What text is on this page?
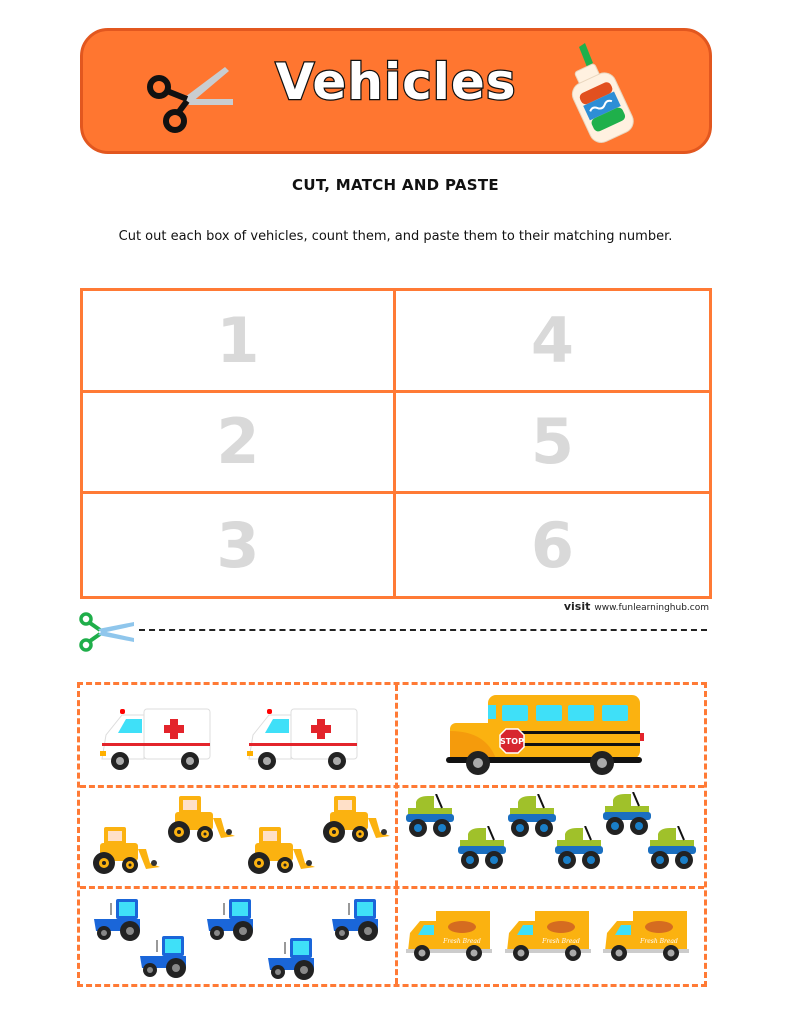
Vehicles
CUT, MATCH AND PASTE
Cut out each box of vehicles, count them, and paste them to their matching number.
1	4
2	5
3	6
visit www.funlearninghub.com
STOP
Fresh Bread	Fresh Bread	Fresh Bread
